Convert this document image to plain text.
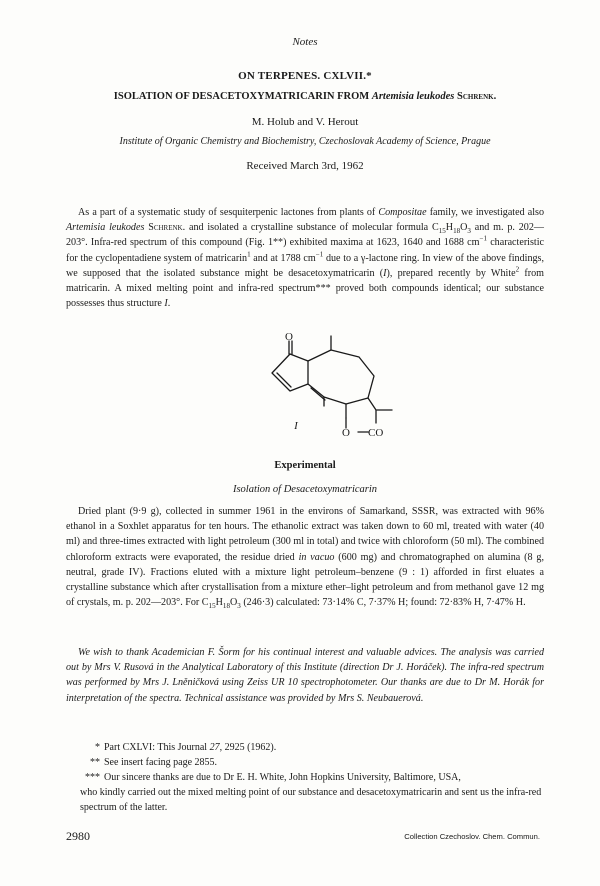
Notes
ON TERPENES. CXLVII.*
ISOLATION OF DESACETOXYMATRICARIN FROM Artemisia leukodes Schrenk.
M. Holub and V. Herout
Institute of Organic Chemistry and Biochemistry, Czechoslovak Academy of Science, Prague
Received March 3rd, 1962

As a part of a systematic study of sesquiterpenic lactones from plants of Compositae family, we investigated also Artemisia leukodes Schrenk. and isolated a crystalline substance of molecular formula $C_{15}H_{18}O_3$ and m. p. 202—203°. Infra-red spectrum of this compound (Fig. 1**) exhibited maxima at 1623, 1640 and 1688 $cm^{-1}$ characteristic for the cyclopentadiene system of matricarin$^1$ and at 1788 $cm^{-1}$ due to a γ-lactone ring. In view of the above findings, we supposed that the isolated substance might be desacetoxymatricarin (I), prepared recently by White$^2$ from matricarin. A mixed melting point and infra-red spectrum*** proved both compounds identical; our substance possesses thus structure I.

O
O CO
I
Experimental
Isolation of Desacetoxymatricarin

Dried plant (9·9 g), collected in summer 1961 in the environs of Samarkand, SSSR, was extracted with 96% ethanol in a Soxhlet apparatus for ten hours. The ethanolic extract was taken down to 60 ml, treated with water (40 ml) and three-times extracted with light petroleum (300 ml in total) and twice with chloroform (50 ml). The combined chloroform extracts were evaporated, the residue dried in vacuo (600 mg) and chromatographed on alumina (8 g, neutral, grade IV). Fractions eluted with a mixture light petroleum–benzene (9 : 1) afforded in first eluates a crystalline substance which after crystallisation from a mixture ether–light petroleum and from methanol gave 12 mg of crystals, m. p. 202—203°. For $C_{15}H_{18}O_3$ (246·3) calculated: 73·14% C, 7·37% H; found: 72·83% H, 7·47% H.

We wish to thank Academician F. Šorm for his continual interest and valuable advices. The analysis was carried out by Mrs V. Rusová in the Analytical Laboratory of this Institute (direction Dr J. Horáček). The infra-red spectrum was performed by Mrs J. Lněničková using Zeiss UR 10 spectrophotometer. Our thanks are due to Dr M. Horák for interpretation of the spectra. Technical assistance was provided by Mrs S. Neubauerová.

* Part CXLVI: This Journal 27, 2925 (1962).
** See insert facing page 2855.
*** Our sincere thanks are due to Dr E. H. White, John Hopkins University, Baltimore, USA,
who kindly carried out the mixed melting point of our substance and desacetoxymatricarin and sent us the infra-red spectrum of the latter.
2980	Collection Czechoslov. Chem. Commun.
